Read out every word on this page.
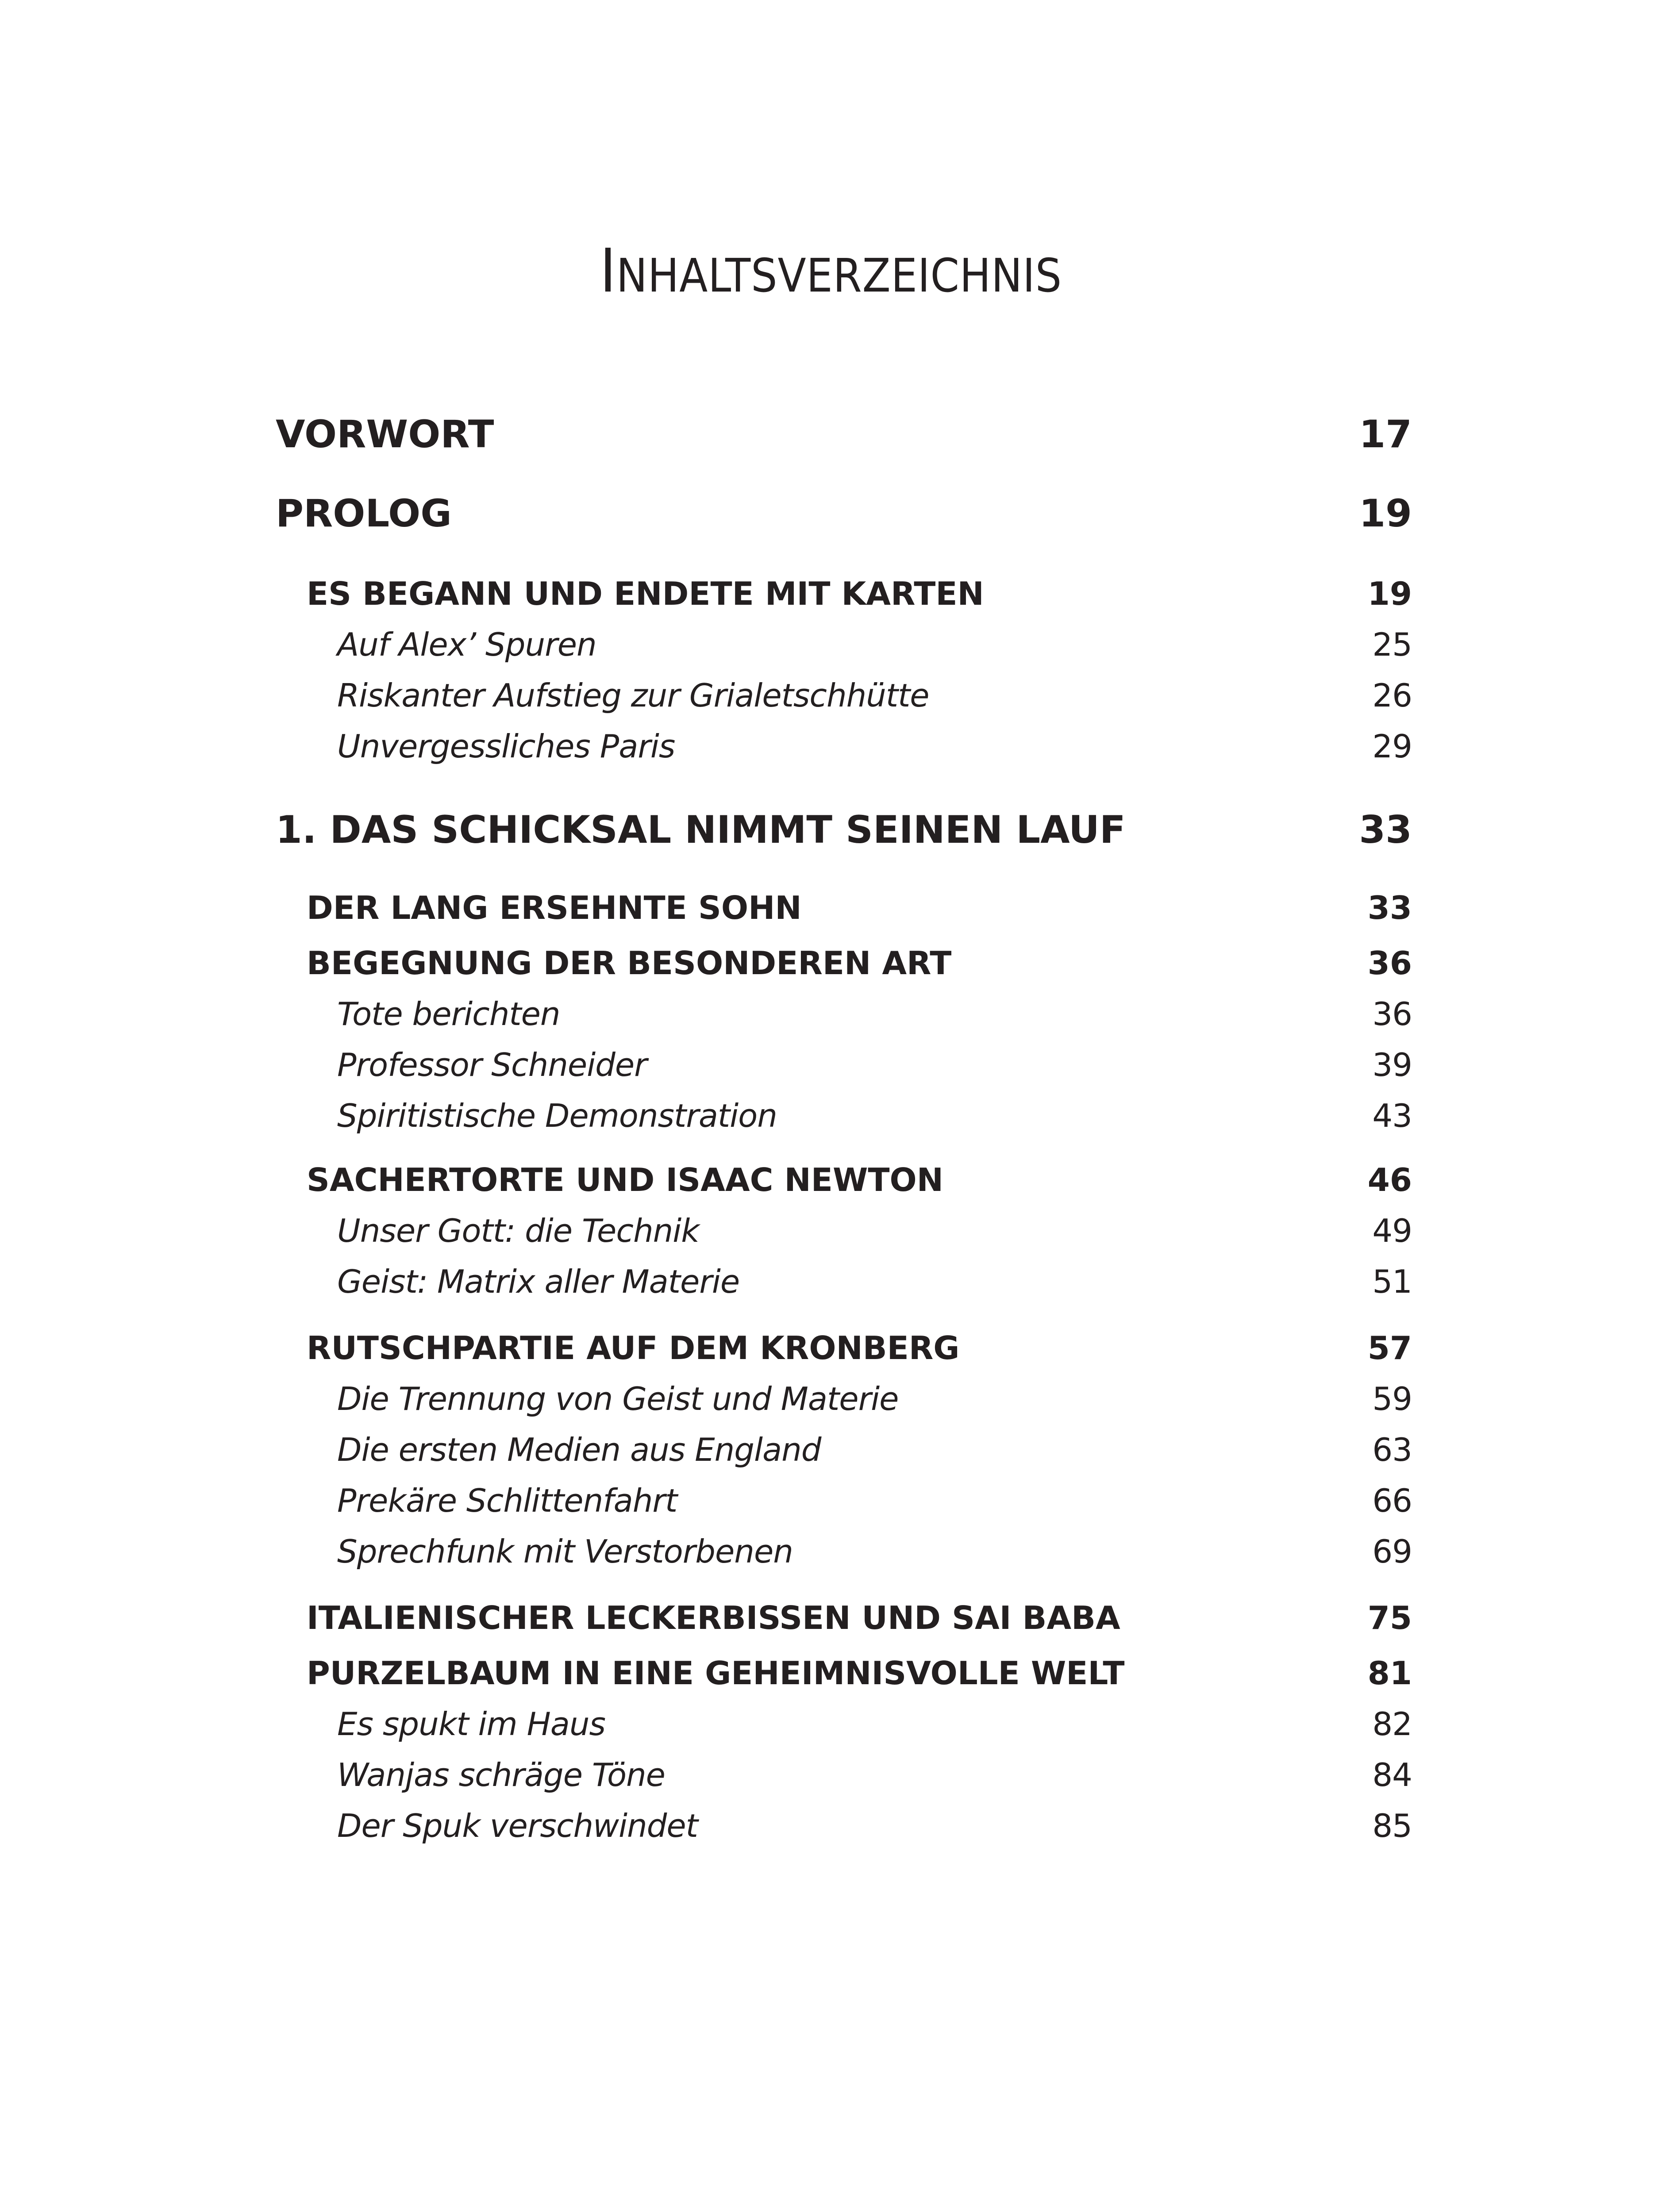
INHALTSVERZEICHNIS
VORWORT	17
PROLOG	19
ES BEGANN UND ENDETE MIT KARTEN	19
Auf Alex’ Spuren	25
Riskanter Aufstieg zur Grialetschhütte	26
Unvergessliches Paris	29
1. DAS SCHICKSAL NIMMT SEINEN LAUF	33
DER LANG ERSEHNTE SOHN	33
BEGEGNUNG DER BESONDEREN ART	36
Tote berichten	36
Professor Schneider	39
Spiritistische Demonstration	43
SACHERTORTE UND ISAAC NEWTON	46
Unser Gott: die Technik	49
Geist: Matrix aller Materie	51
RUTSCHPARTIE AUF DEM KRONBERG	57
Die Trennung von Geist und Materie	59
Die ersten Medien aus England	63
Prekäre Schlittenfahrt	66
Sprechfunk mit Verstorbenen	69
ITALIENISCHER LECKERBISSEN UND SAI BABA	75
PURZELBAUM IN EINE GEHEIMNISVOLLE WELT	81
Es spukt im Haus	82
Wanjas schräge Töne	84
Der Spuk verschwindet	85
